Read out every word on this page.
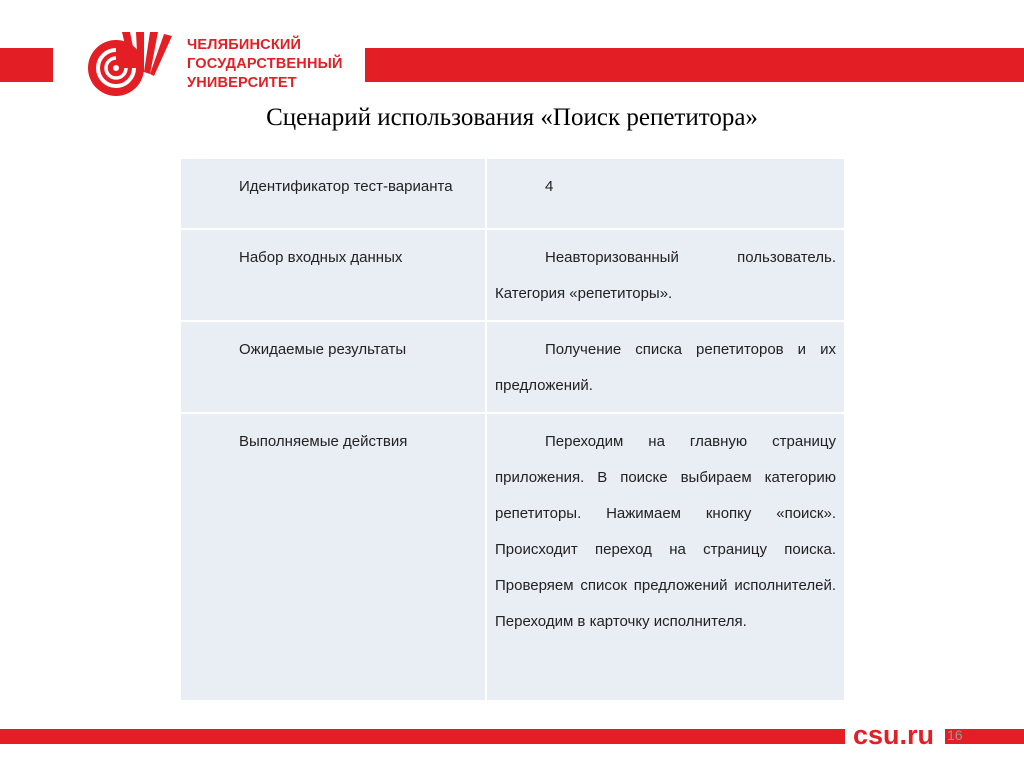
ЧЕЛЯБИНСКИЙ
ГОСУДАРСТВЕННЫЙ
УНИВЕРСИТЕТ
Сценарий использования «Поиск репетитора»

Идентификатор тест-варианта	4

Набор входных данных	Неавторизованный пользователь. Категория «репетиторы».

Ожидаемые результаты	Получение списка репетиторов и их предложений.

Выполняемые действия	Переходим на главную страницу приложения. В поиске выбираем категорию репетиторы. Нажимаем кнопку «поиск». Происходит переход на страницу поиска. Проверяем список предложений исполнителей. Переходим в карточку исполнителя.

csu.ru 16
